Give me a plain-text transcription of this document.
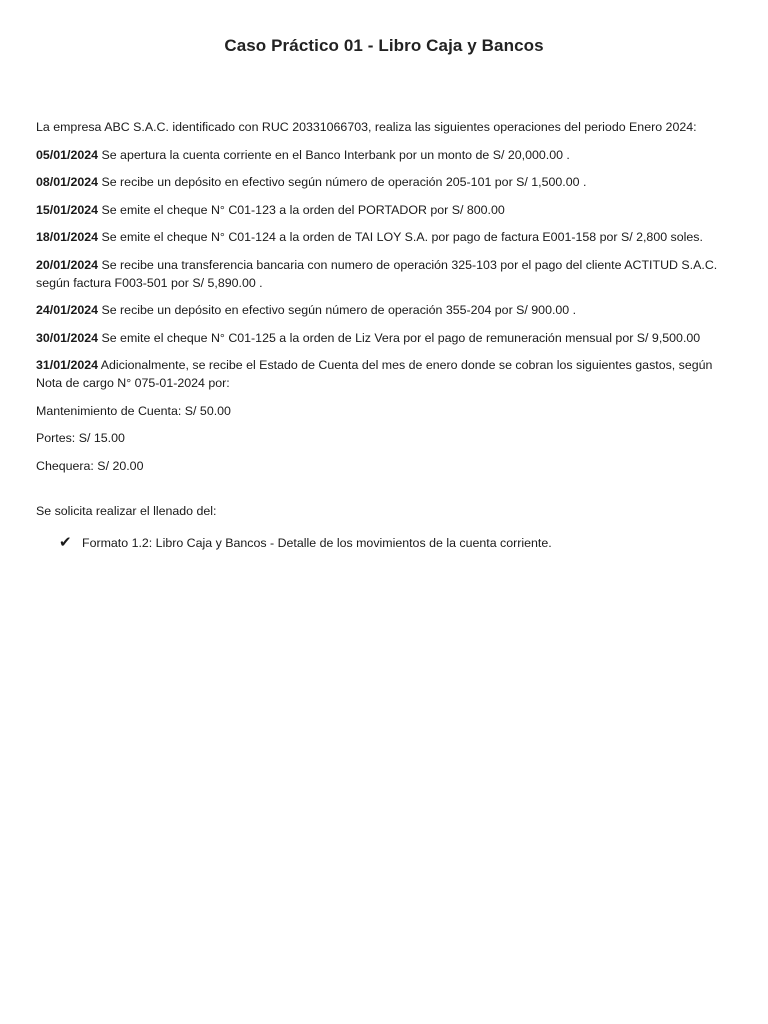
Caso Práctico 01 - Libro Caja y Bancos

La empresa ABC S.A.C. identificado con RUC 20331066703, realiza las siguientes operaciones del periodo Enero 2024:

05/01/2024 Se apertura la cuenta corriente en el Banco Interbank por un monto de S/ 20,000.00 .

08/01/2024 Se recibe un depósito en efectivo según número de operación 205-101 por S/ 1,500.00 .

15/01/2024 Se emite el cheque N° C01-123 a la orden del PORTADOR por S/ 800.00

18/01/2024 Se emite el cheque N° C01-124 a la orden de TAI LOY S.A. por pago de factura E001-158 por S/ 2,800 soles.

20/01/2024 Se recibe una transferencia bancaria con numero de operación 325-103 por el pago del cliente ACTITUD S.A.C. según factura F003-501 por S/ 5,890.00 .

24/01/2024 Se recibe un depósito en efectivo según número de operación 355-204 por S/ 900.00 .

30/01/2024 Se emite el cheque N° C01-125 a la orden de Liz Vera por el pago de remuneración mensual por S/ 9,500.00

31/01/2024 Adicionalmente, se recibe el Estado de Cuenta del mes de enero donde se cobran los siguientes gastos, según Nota de cargo N° 075-01-2024 por:

Mantenimiento de Cuenta: S/ 50.00

Portes: S/ 15.00

Chequera: S/ 20.00

Se solicita realizar el llenado del:

✔ Formato 1.2: Libro Caja y Bancos - Detalle de los movimientos de la cuenta corriente.
